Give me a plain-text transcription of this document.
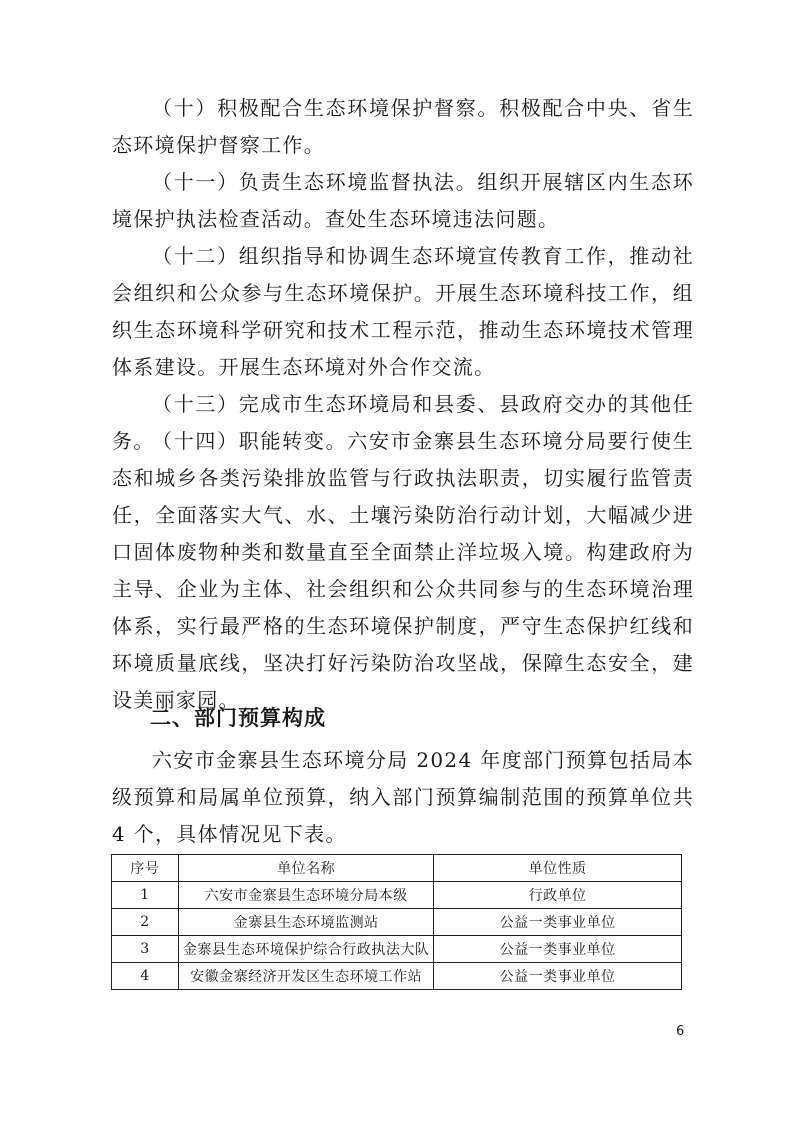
（十）积极配合生态环境保护督察。积极配合中央、省生态环境保护督察工作。

（十一）负责生态环境监督执法。组织开展辖区内生态环境保护执法检查活动。查处生态环境违法问题。

（十二）组织指导和协调生态环境宣传教育工作，推动社会组织和公众参与生态环境保护。开展生态环境科技工作，组织生态环境科学研究和技术工程示范，推动生态环境技术管理体系建设。开展生态环境对外合作交流。

（十三）完成市生态环境局和县委、县政府交办的其他任务。

（十四）职能转变。六安市金寨县生态环境分局要行使生态和城乡各类污染排放监管与行政执法职责，切实履行监管责任，全面落实大气、水、土壤污染防治行动计划，大幅减少进口固体废物种类和数量直至全面禁止洋垃圾入境。构建政府为主导、企业为主体、社会组织和公众共同参与的生态环境治理体系，实行最严格的生态环境保护制度，严守生态保护红线和环境质量底线，坚决打好污染防治攻坚战，保障生态安全，建设美丽家园。

二、部门预算构成

六安市金寨县生态环境分局 2024 年度部门预算包括局本级预算和局属单位预算，纳入部门预算编制范围的预算单位共 4 个，具体情况见下表。

序号	单位名称	单位性质
1	六安市金寨县生态环境分局本级	行政单位
2	金寨县生态环境监测站	公益一类事业单位
3	金寨县生态环境保护综合行政执法大队	公益一类事业单位
4	安徽金寨经济开发区生态环境工作站	公益一类事业单位
6
